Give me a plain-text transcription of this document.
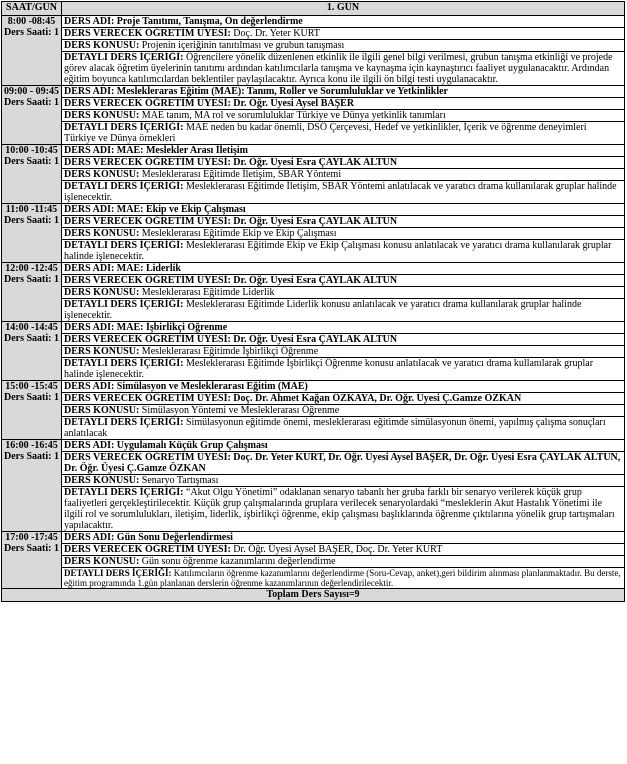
SAAT/GÜN	1. GÜN

8:00 -08:45
Ders Saati: 1	DERS ADI: Proje Tanıtımı, Tanışma, Ön değerlendirme
	DERS VERECEK ÖĞRETİM ÜYESİ: Doç. Dr. Yeter KURT
	DERS KONUSU: Projenin içeriğinin tanıtılması ve grubun tanışması
	DETAYLI DERS İÇERİĞİ: Öğrencilere yönelik düzenlenen etkinlik ile ilgili genel bilgi verilmesi, grubun tanışma etkinliği ve projede görev alacak öğretim üyelerinin tanıtımı ardından katılımcılarla tanışma ve kaynaşma için kaynaştırıcı faaliyet uygulanacaktır. Ardından eğitim boyunca katılımcılardan beklentiler paylaşılacaktır. Ayrıca konu ile ilgili ön bilgi testi uygulanacaktır.

09:00 - 09:45
Ders Saati: 1	DERS ADI: Meslekleraras Eğitim (MAE): Tanım, Roller ve Sorumluluklar ve Yetkinlikler
	DERS VERECEK ÖĞRETİM ÜYESİ: Dr. Öğr. Üyesi Aysel BAŞER
	DERS KONUSU: MAE tanım, MA rol ve sorumluluklar Türkiye ve Dünya yetkinlik tanımları
	DETAYLI DERS İÇERİĞİ: MAE neden bu kadar önemli, DSÖ Çerçevesi, Hedef ve yetkinlikler, İçerik ve öğrenme deneyimleri
Türkiye ve Dünya örnekleri

10:00 -10:45
Ders Saati: 1	DERS ADI: MAE: Meslekler Arası İletişim
	DERS VERECEK ÖĞRETİM ÜYESİ: Dr. Öğr. Üyesi Esra ÇAYLAK ALTUN
	DERS KONUSU: Mesleklerarası Eğitimde İletişim, SBAR Yöntemi
	DETAYLI DERS İÇERİĞİ: Mesleklerarası Eğitimde İletişim, SBAR Yöntemi anlatılacak ve yaratıcı drama kullanılarak gruplar halinde işlenecektir.

11:00 -11:45
Ders Saati: 1	DERS ADI: MAE: Ekip ve Ekip Çalışması
	DERS VERECEK ÖĞRETİM ÜYESİ: Dr. Öğr. Üyesi Esra ÇAYLAK ALTUN
	DERS KONUSU: Mesleklerarası Eğitimde Ekip ve Ekip Çalışması
	DETAYLI DERS İÇERİĞİ: Mesleklerarası Eğitimde Ekip ve Ekip Çalışması konusu anlatılacak ve yaratıcı drama kullanılarak gruplar halinde işlenecektir.

12:00 -12:45
Ders Saati: 1	DERS ADI: MAE: Liderlik
	DERS VERECEK ÖĞRETİM ÜYESİ: Dr. Öğr. Üyesi Esra ÇAYLAK ALTUN
	DERS KONUSU: Mesleklerarası Eğitimde Liderlik
	DETAYLI DERS İÇERİĞİ: Mesleklerarası Eğitimde Liderlik konusu anlatılacak ve yaratıcı drama kullanılarak gruplar halinde işlenecektir.

14:00 -14:45
Ders Saati: 1	DERS ADI: MAE: İşbirlikçi Öğrenme
	DERS VERECEK ÖĞRETİM ÜYESİ: Dr. Öğr. Üyesi Esra ÇAYLAK ALTUN
	DERS KONUSU: Mesleklerarası Eğitimde İşbirlikçi Öğrenme
	DETAYLI DERS İÇERİĞİ: Mesleklerarası Eğitimde İşbirlikçi Öğrenme konusu anlatılacak ve yaratıcı drama kullanılarak gruplar halinde işlenecektir.

15:00 -15:45
Ders Saati: 1	DERS ADI: Simülasyon ve Mesleklerarası Eğitim (MAE)
	DERS VERECEK ÖĞRETİM ÜYESİ: Doç. Dr. Ahmet Kağan ÖZKAYA, Dr. Öğr. Üyesi Ç.Gamze ÖZKAN
	DERS KONUSU: Simülasyon Yöntemi ve Mesleklerarası Öğrenme
	DETAYLI DERS İÇERİĞİ: Simülasyonun eğitimde önemi, mesleklerarası eğitimde simülasyonun önemi, yapılmış çalışma sonuçları anlatılacak

16:00 -16:45
Ders Saati: 1	DERS ADI: Uygulamalı Küçük Grup Çalışması
	DERS VERECEK ÖĞRETİM ÜYESİ: Doç. Dr. Yeter KURT, Dr. Öğr. Üyesi Aysel BAŞER, Dr. Öğr. Üyesi Esra ÇAYLAK ALTUN, Dr. Öğr. Üyesi Ç.Gamze ÖZKAN
	DERS KONUSU: Senaryo Tartışması
	DETAYLI DERS İÇERİĞİ: “Akut Olgu Yönetimi” odaklanan senaryo tabanlı her gruba farklı bir senaryo verilerek küçük grup faaliyetleri gerçekleştirilecektir. Küçük grup çalışmalarında gruplara verilecek senaryolardaki “mesleklerin Akut Hastalık Yönetimi ile ilgili rol ve sorumlulukları, iletişim, liderlik, işbirlikçi öğrenme, ekip çalışması başlıklarında öğrenme çıktılarına yönelik grup tartışmaları yapılacaktır.

17:00 -17:45
Ders Saati: 1	DERS ADI: Gün Sonu Değerlendirmesi
	DERS VERECEK ÖĞRETİM ÜYESİ: Dr. Öğr. Üyesi Aysel BAŞER, Doç. Dr. Yeter KURT
	DERS KONUSU: Gün sonu öğrenme kazanımlarını değerlendirme
	DETAYLI DERS İÇERİĞİ: Katılımcıların öğrenme kazanımlarını değerlendirme (Soru-Cevap, anket),geri bildirim alınması planlanmaktadır. Bu derste, eğitim programında 1.gün planlanan derslerin öğrenme kazanımlarının değerlendirilecektir.
Toplam Ders Sayısı=9	
